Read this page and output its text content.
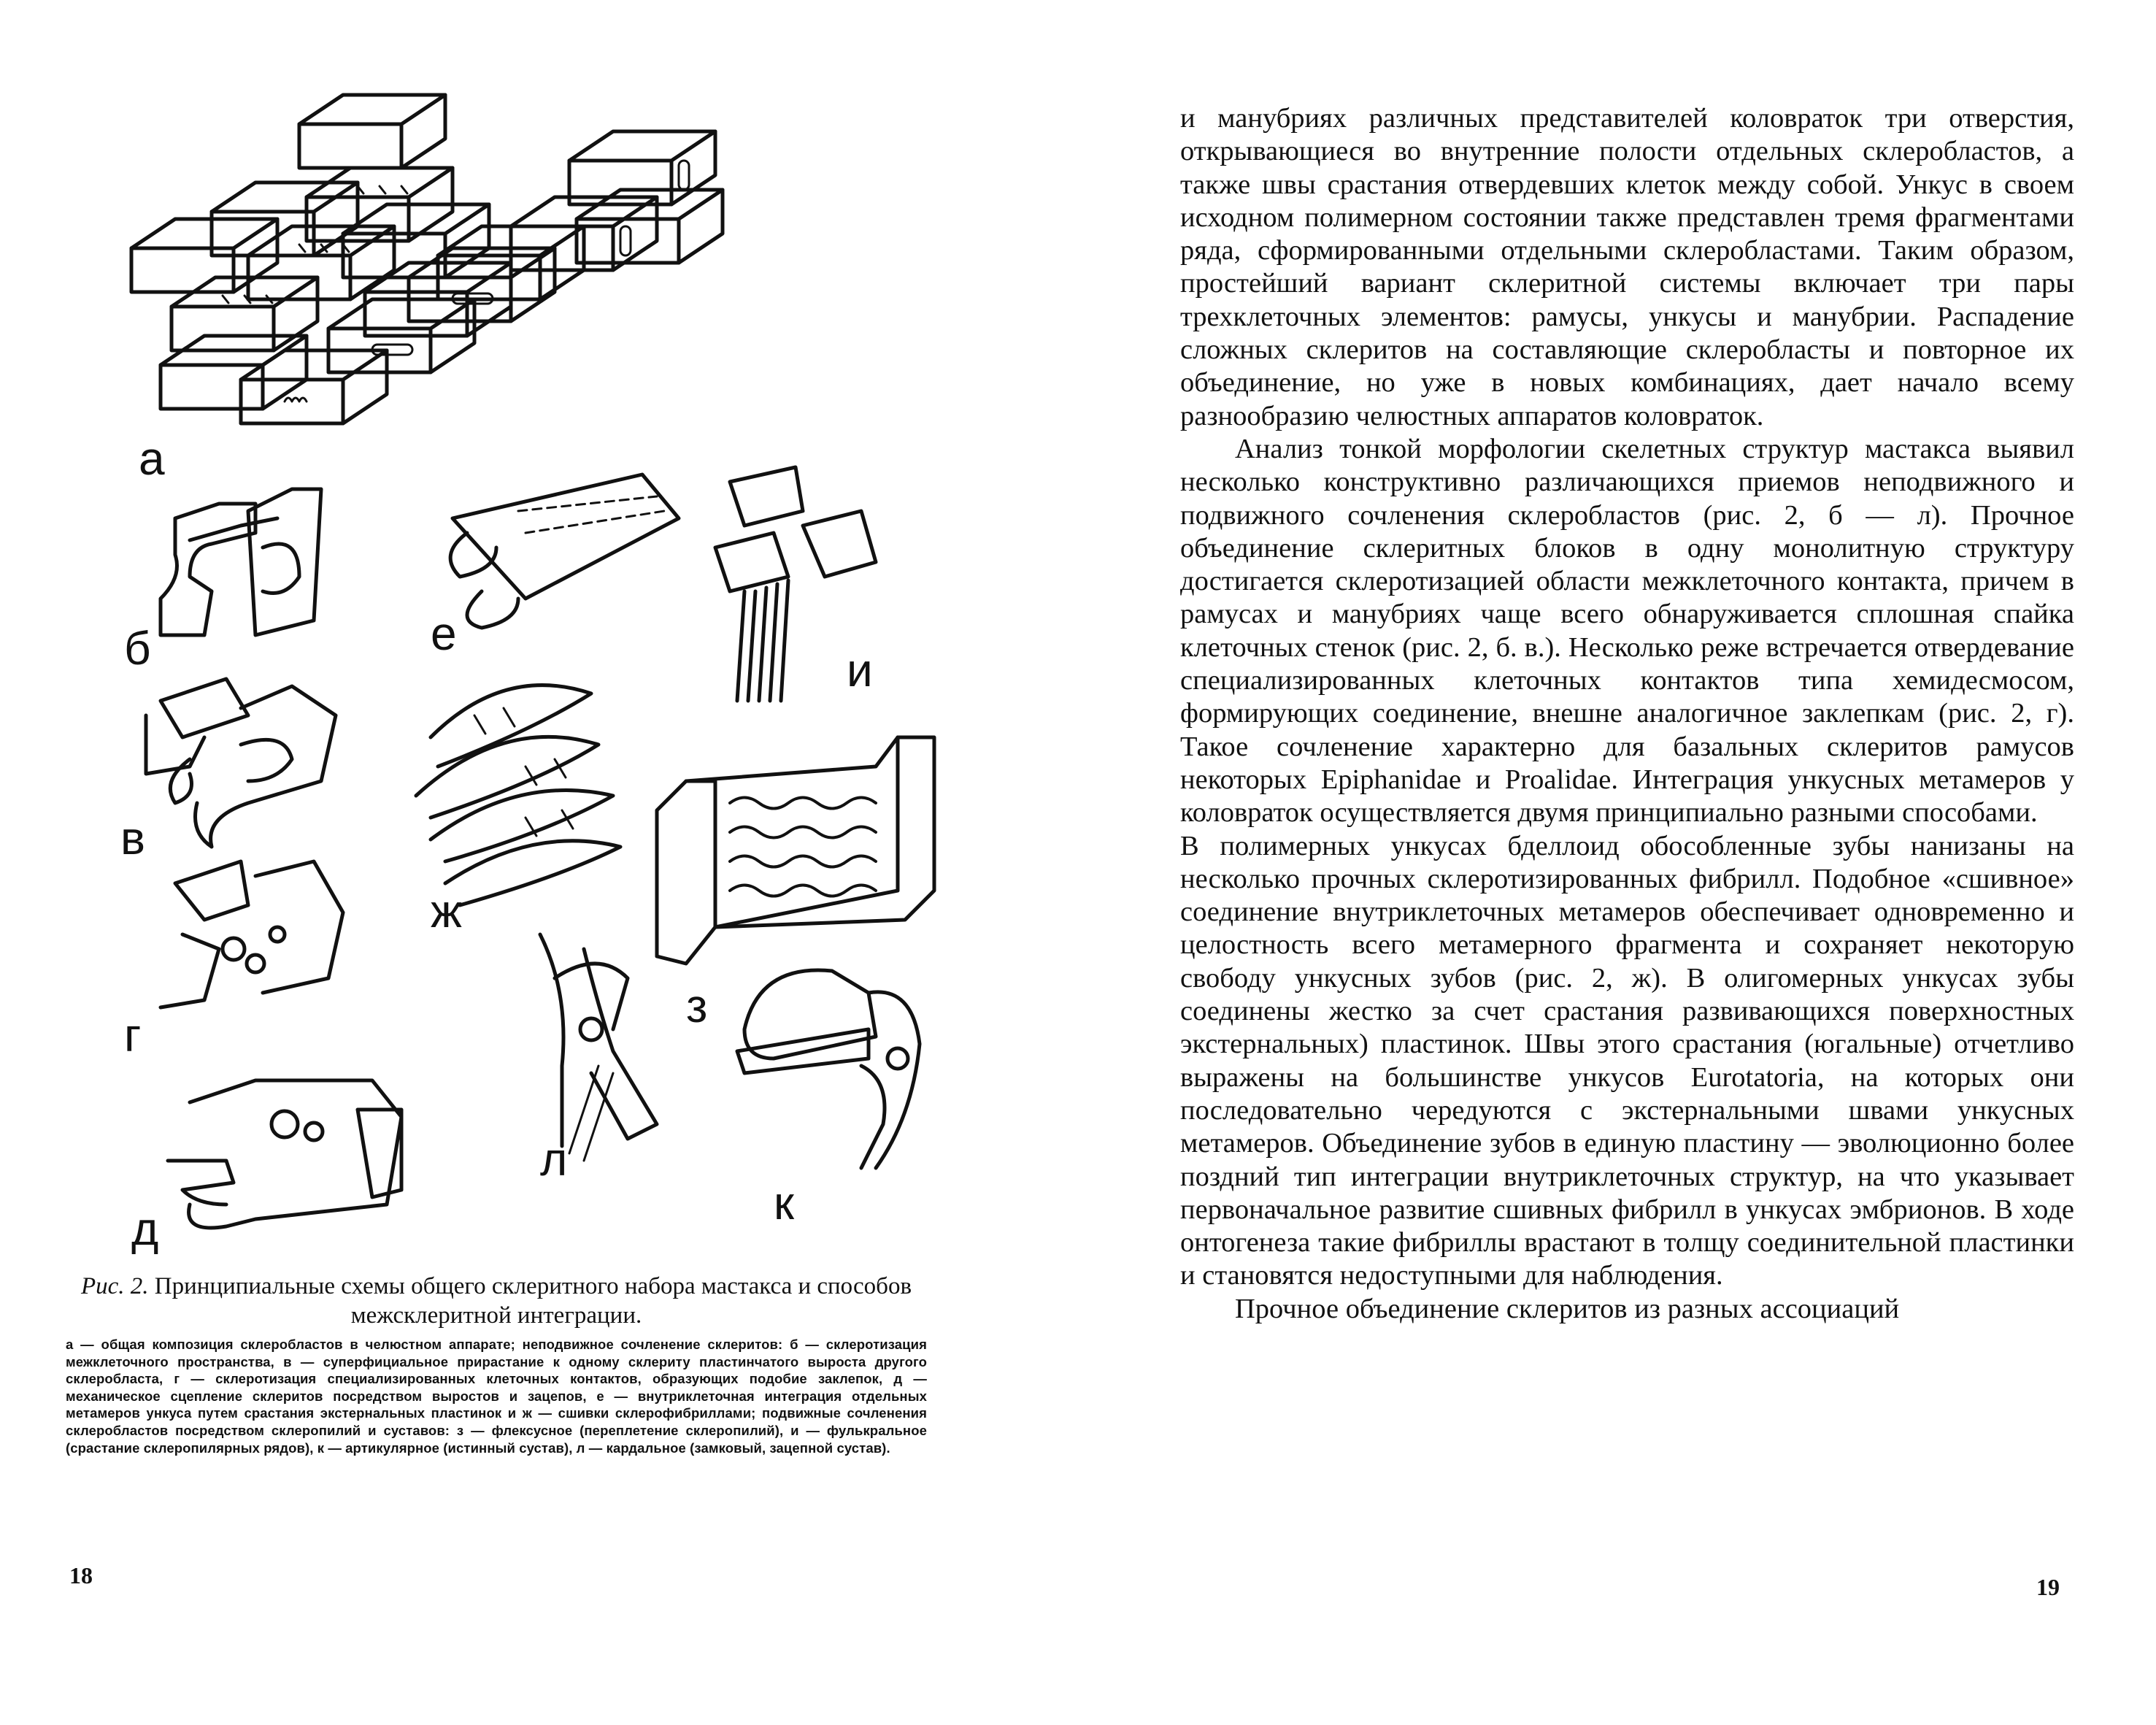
а
б	е
и
в
ж
з
г
л
к
д

Рис. 2. Принципиальные схемы общего склеритного набора мастакса и способов межсклеритной интеграции.

а — общая композиция склеробластов в челюстном аппарате; неподвижное сочленение склеритов: б — склеротизация межклеточного пространства, в — суперфициальное прирастание к одному склериту пластинчатого выроста другого склеробласта, г — склеротизация специализированных клеточных контактов, образующих подобие заклепок, д — механическое сцепление склеритов посредством выростов и зацепов, е — внутриклеточная интеграция отдельных метамеров ункуса путем срастания экстернальных пластинок и ж — сшивки склерофибриллами; подвижные сочленения склеробластов посредством склеропилий и суставов: з — флексусное (переплетение склеропилий), и — фулькральное (срастание склеропилярных рядов), к — артикулярное (истинный сустав), л — кардальное (замковый, зацепной сустав).
18

и манубриях различных представителей коловраток три отверстия, открывающиеся во внутренние полости отдельных склеробластов, а также швы срастания отвердевших клеток между собой. Ункус в своем исходном полимерном состоянии также представлен тремя фрагментами ряда, сформированными отдельными склеробластами. Таким образом, простейший вариант склеритной системы включает три пары трехклеточных элементов: рамусы, ункусы и манубрии. Распадение сложных склеритов на составляющие склеробласты и повторное их объединение, но уже в новых комбинациях, дает начало всему разнообразию челюстных аппаратов коловраток.

Анализ тонкой морфологии скелетных структур мастакса выявил несколько конструктивно различающихся приемов неподвижного и подвижного сочленения склеробластов (рис. 2, б — л). Прочное объединение склеритных блоков в одну монолитную структуру достигается склеротизацией области межклеточного контакта, причем в рамусах и манубриях чаще всего обнаруживается сплошная спайка клеточных стенок (рис. 2, б. в.). Несколько реже встречается отвердевание специализированных клеточных контактов типа хемидесмосом, формирующих соединение, внешне аналогичное заклепкам (рис. 2, г). Такое сочленение характерно для базальных склеритов рамусов некоторых Epiphanidae и Proalidae. Интеграция ункусных метамеров у коловраток осуществляется двумя принципиально разными способами.

В полимерных ункусах бделлоид обособленные зубы нанизаны на несколько прочных склеротизированных фибрилл. Подобное «сшивное» соединение внутриклеточных метамеров обеспечивает одновременно и целостность всего метамерного фрагмента и сохраняет некоторую свободу ункусных зубов (рис. 2, ж). В олигомерных ункусах зубы соединены жестко за счет срастания развивающихся поверхностных экстернальных) пластинок. Швы этого срастания (югальные) отчетливо выражены на большинстве ункусов Eurotatoria, на которых они последовательно чередуются с экстернальными швами ункусных метамеров. Объединение зубов в единую пластину — эволюционно более поздний тип интеграции внутриклеточных структур, на что указывает первоначальное развитие сшивных фибрилл в ункусах эмбрионов. В ходе онтогенеза такие фибриллы врастают в толщу соединительной пластинки и становятся недоступными для наблюдения.

Прочное объединение склеритов из разных ассоциаций

19
